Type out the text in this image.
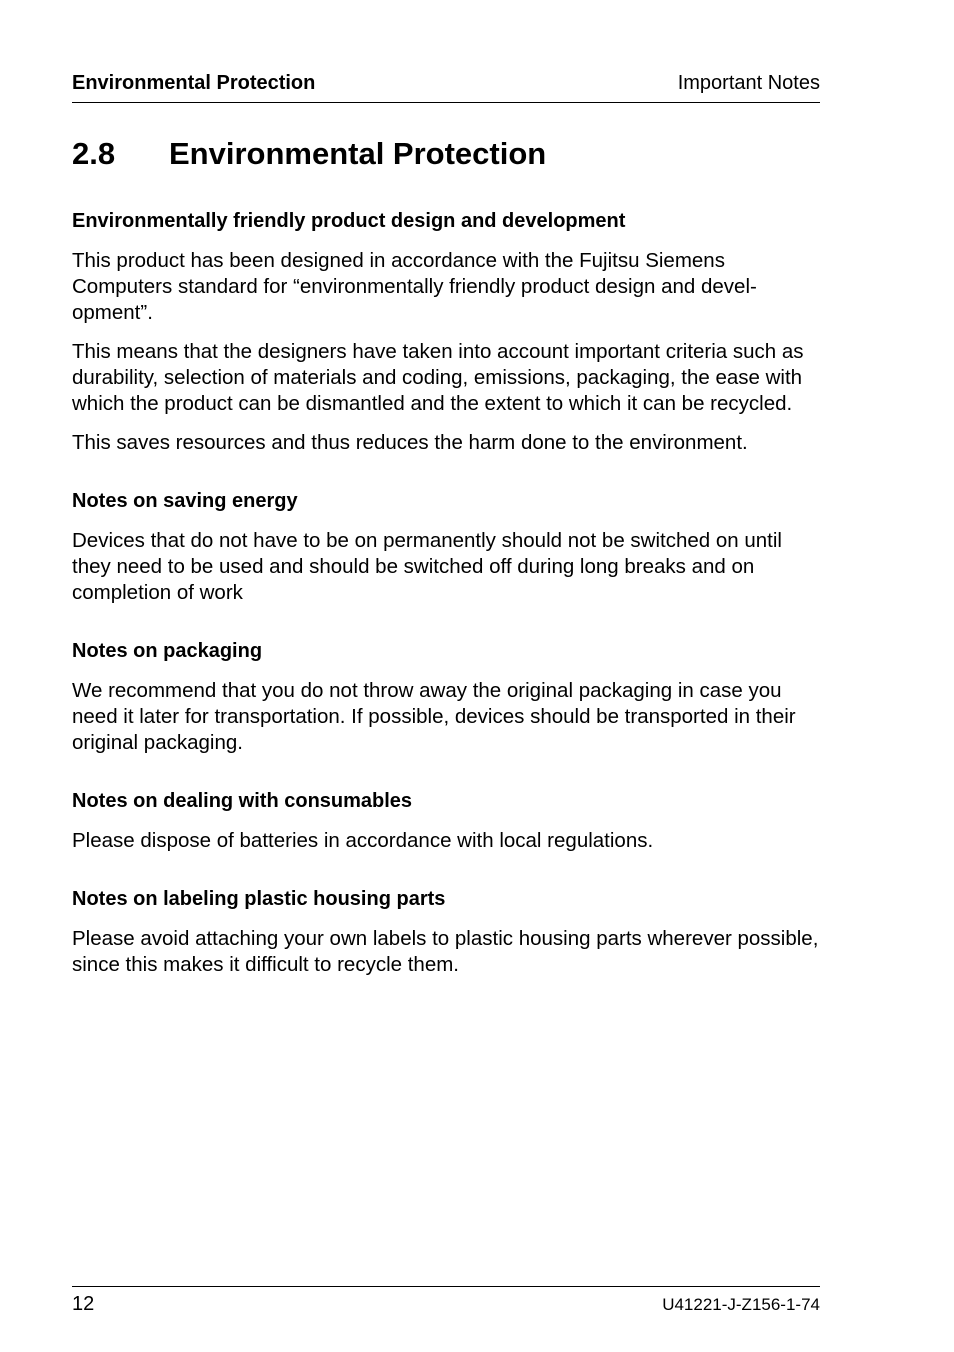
Environmental Protection	Important Notes
2.8 Environmental Protection
Environmentally friendly product design and development

This product has been designed in accordance with the Fujitsu Siemens Computers standard for “environmentally friendly product design and devel-opment”.

This means that the designers have taken into account important criteria such as durability, selection of materials and coding, emissions, packaging, the ease with which the product can be dismantled and the extent to which it can be recycled.

This saves resources and thus reduces the harm done to the environment.

Notes on saving energy

Devices that do not have to be on permanently should not be switched on until they need to be used and should be switched off during long breaks and on completion of work

Notes on packaging

We recommend that you do not throw away the original packaging in case you need it later for transportation. If possible, devices should be transported in their original packaging.

Notes on dealing with consumables

Please dispose of batteries in accordance with local regulations.

Notes on labeling plastic housing parts

Please avoid attaching your own labels to plastic housing parts wherever possible, since this makes it difficult to recycle them.

12	U41221-J-Z156-1-74
